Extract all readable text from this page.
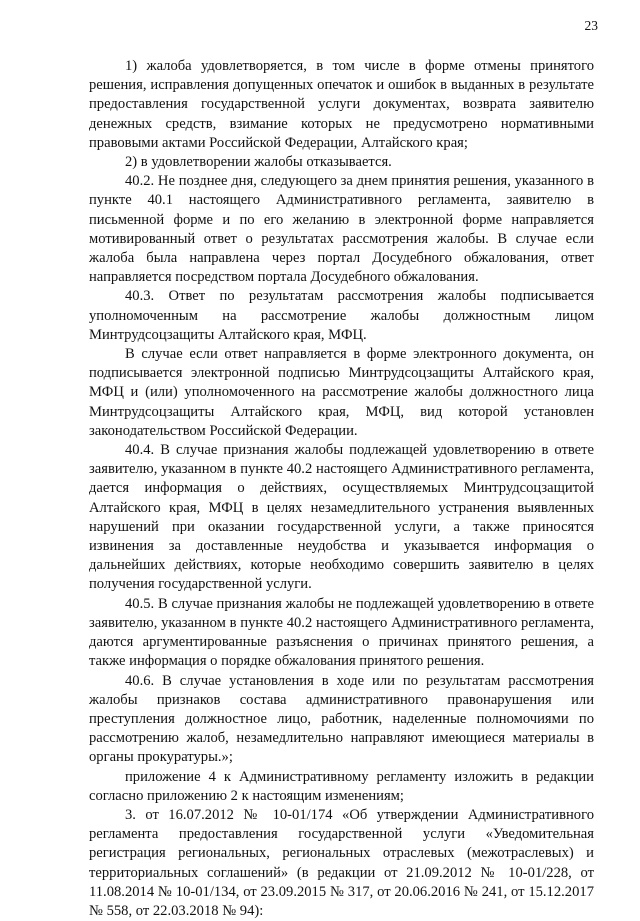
23

1) жалоба удовлетворяется, в том числе в форме отмены принятого решения, исправления допущенных опечаток и ошибок в выданных в результате предоставления государственной услуги документах, возврата заявителю денежных средств, взимание которых не предусмотрено нормативными правовыми актами Российской Федерации, Алтайского края;

2) в удовлетворении жалобы отказывается.

40.2. Не позднее дня, следующего за днем принятия решения, указанного в пункте 40.1 настоящего Административного регламента, заявителю в письменной форме и по его желанию в электронной форме направляется мотивированный ответ о результатах рассмотрения жалобы. В случае если жалоба была направлена через портал Досудебного обжалования, ответ направляется посредством портала Досудебного обжалования.

40.3. Ответ по результатам рассмотрения жалобы подписывается уполномоченным на рассмотрение жалобы должностным лицом Минтрудсоцзащиты Алтайского края, МФЦ.

В случае если ответ направляется в форме электронного документа, он подписывается электронной подписью Минтрудсоцзащиты Алтайского края, МФЦ и (или) уполномоченного на рассмотрение жалобы должностного лица Минтрудсоцзащиты Алтайского края, МФЦ, вид которой установлен законодательством Российской Федерации.

40.4. В случае признания жалобы подлежащей удовлетворению в ответе заявителю, указанном в пункте 40.2 настоящего Административного регламента, дается информация о действиях, осуществляемых Минтрудсоцзащитой Алтайского края, МФЦ в целях незамедлительного устранения выявленных нарушений при оказании государственной услуги, а также приносятся извинения за доставленные неудобства и указывается информация о дальнейших действиях, которые необходимо совершить заявителю в целях получения государственной услуги.

40.5. В случае признания жалобы не подлежащей удовлетворению в ответе заявителю, указанном в пункте 40.2 настоящего Административного регламента, даются аргументированные разъяснения о причинах принятого решения, а также информация о порядке обжалования принятого решения.

40.6. В случае установления в ходе или по результатам рассмотрения жалобы признаков состава административного правонарушения или преступления должностное лицо, работник, наделенные полномочиями по рассмотрению жалоб, незамедлительно направляют имеющиеся материалы в органы прокуратуры.»;

приложение 4 к Административному регламенту изложить в редакции согласно приложению 2 к настоящим изменениям;

3. от 16.07.2012 № 10-01/174 «Об утверждении Административного регламента предоставления государственной услуги «Уведомительная регистрация региональных, региональных отраслевых (межотраслевых) и территориальных соглашений» (в редакции от 21.09.2012 № 10-01/228, от 11.08.2014 № 10-01/134, от 23.09.2015 № 317, от 20.06.2016 № 241, от 15.12.2017 № 558, от 22.03.2018 № 94):
